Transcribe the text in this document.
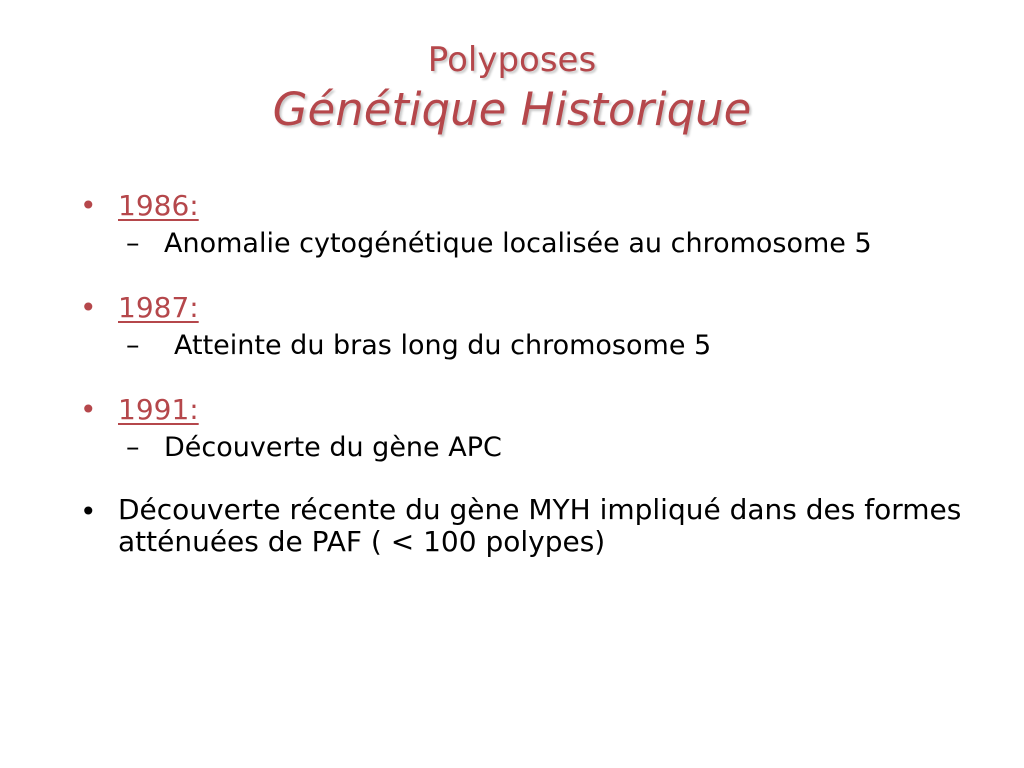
Polyposes
Génétique Historique
• 1986:
– Anomalie cytogénétique localisée au chromosome 5
• 1987:
– Atteinte du bras long du chromosome 5
• 1991:
– Découverte du gène APC
• Découverte récente du gène MYH impliqué dans des formes atténuées de PAF ( < 100 polypes)
